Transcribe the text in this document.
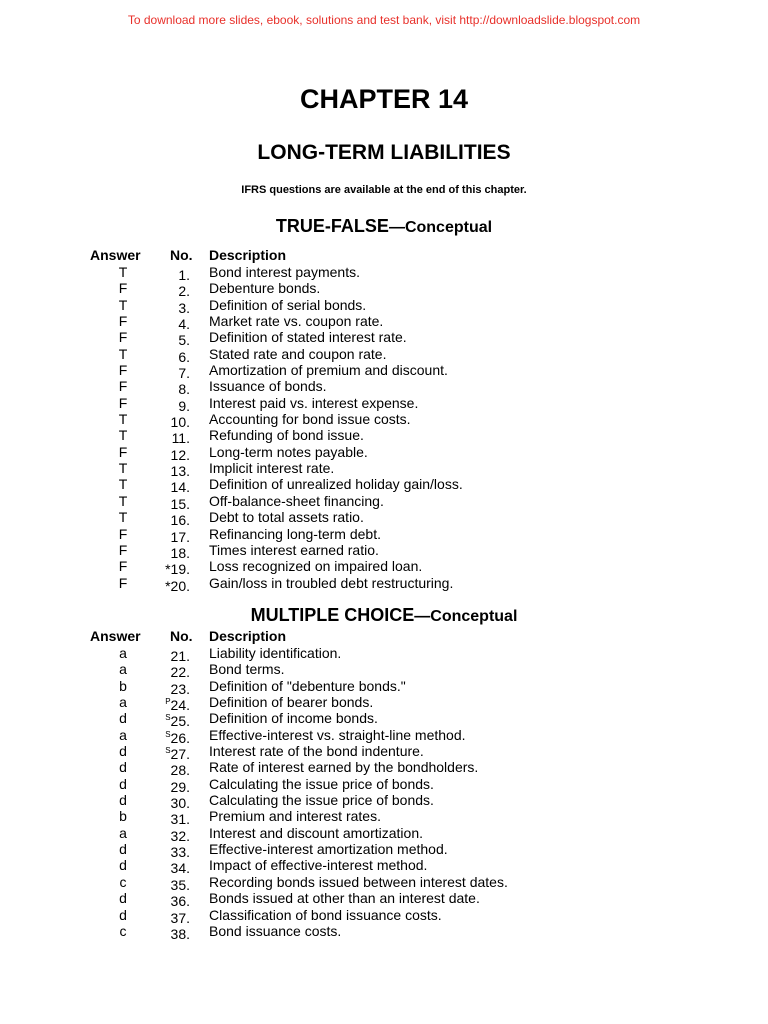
To download more slides, ebook, solutions and test bank, visit http://downloadslide.blogspot.com
CHAPTER 14
LONG-TERM LIABILITIES
IFRS questions are available at the end of this chapter.
TRUE-FALSE—Conceptual
Answer No. Description
T	1. Bond interest payments.
F	2. Debenture bonds.
T	3. Definition of serial bonds.
F	4. Market rate vs. coupon rate.
F	5. Definition of stated interest rate.
T	6. Stated rate and coupon rate.
F	7. Amortization of premium and discount.
F	8. Issuance of bonds.
F	9. Interest paid vs. interest expense.
T	10. Accounting for bond issue costs.
T	11. Refunding of bond issue.
F	12. Long-term notes payable.
T	13. Implicit interest rate.
T	14. Definition of unrealized holiday gain/loss.
T	15. Off-balance-sheet financing.
T	16. Debt to total assets ratio.
F	17. Refinancing long-term debt.
F	18. Times interest earned ratio.
F	*19. Loss recognized on impaired loan.
F	*20. Gain/loss in troubled debt restructuring.
MULTIPLE CHOICE—Conceptual
Answer No. Description
a	21. Liability identification.
a	22. Bond terms.
b	23. Definition of "debenture bonds."
a	$^P$24. Definition of bearer bonds.
d	$^S$25. Definition of income bonds.
a	$^S$26. Effective-interest vs. straight-line method.
d	$^S$27. Interest rate of the bond indenture.
d	28. Rate of interest earned by the bondholders.
d	29. Calculating the issue price of bonds.
d	30. Calculating the issue price of bonds.
b	31. Premium and interest rates.
a	32. Interest and discount amortization.
d	33. Effective-interest amortization method.
d	34. Impact of effective-interest method.
c	35. Recording bonds issued between interest dates.
d	36. Bonds issued at other than an interest date.
d	37. Classification of bond issuance costs.
c	38. Bond issuance costs.
